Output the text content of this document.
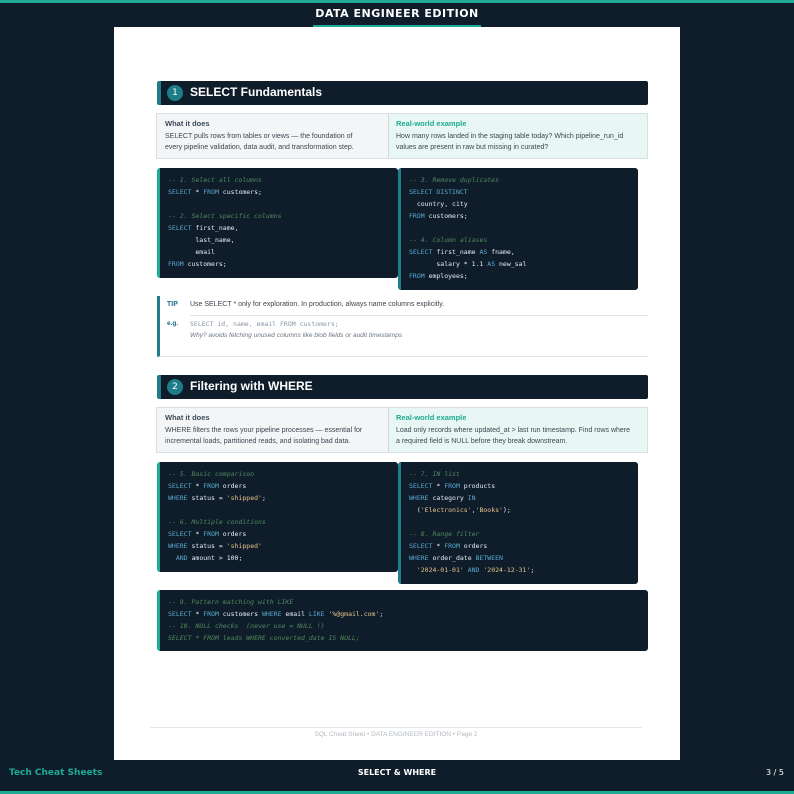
DATA ENGINEER EDITION
1	SELECT Fundamentals
What it does
SELECT pulls rows from tables or views — the foundation of
every pipeline validation, data audit, and transformation step.
Real-world example
How many rows landed in the staging table today? Which pipeline_run_id
values are present in raw but missing in curated?
-- 1. Select all columns
SELECT * FROM customers;

-- 2. Select specific columns
SELECT first_name,
last_name,
email
FROM customers;
-- 3. Remove duplicates
SELECT DISTINCT
country, city
FROM customers;

-- 4. Column aliases
SELECT first_name AS fname,
salary * 1.1 AS new_sal
FROM employees;
TIP Use SELECT * only for exploration. In production, always name columns explicitly.
e.g. SELECT id, name, email FROM customers;
Why? avoids fetching unused columns like blob fields or audit timestamps
2	Filtering with WHERE
What it does
WHERE filters the rows your pipeline processes — essential for
incremental loads, partitioned reads, and isolating bad data.
Real-world example
Load only records where updated_at > last run timestamp. Find rows where
a required field is NULL before they break downstream.
-- 5. Basic comparison
SELECT * FROM orders
WHERE status = 'shipped';

-- 6. Multiple conditions
SELECT * FROM orders
WHERE status = 'shipped'
AND amount > 100;
-- 7. IN list
SELECT * FROM products
WHERE category IN
('Electronics','Books');

-- 8. Range filter
SELECT * FROM orders
WHERE order_date BETWEEN
'2024-01-01' AND '2024-12-31';
-- 9. Pattern matching with LIKE
SELECT * FROM customers WHERE email LIKE '%@gmail.com';
-- 10. NULL checks  (never use = NULL !)
SELECT * FROM leads WHERE converted_date IS NULL;
SQL Cheat Sheet • DATA ENGINEER EDITION • Page 2
Tech Cheat Sheets	SELECT & WHERE	3 / 5
